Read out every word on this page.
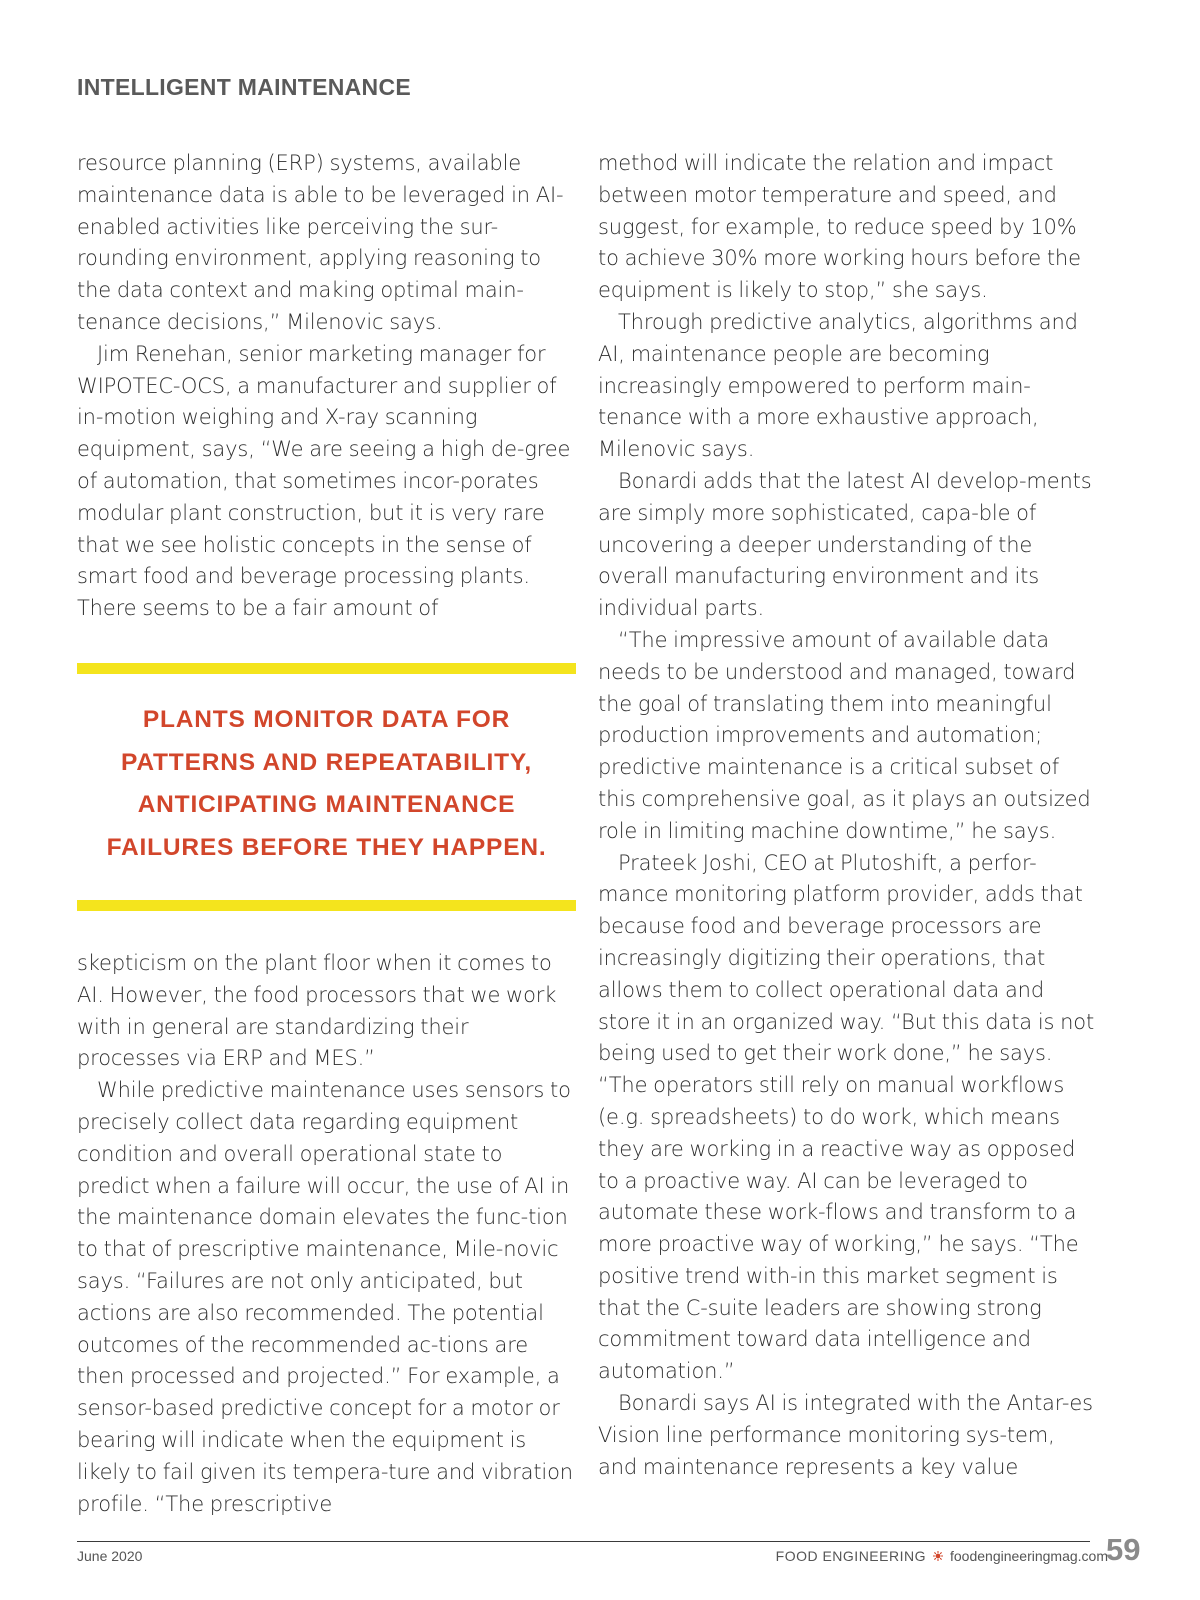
INTELLIGENT MAINTENANCE

resource planning (ERP) systems, available maintenance data is able to be leveraged in AI-enabled activities like perceiving the sur-rounding environment, applying reasoning to the data context and making optimal main-tenance decisions,” Milenovic says.

Jim Renehan, senior marketing manager for WIPOTEC-OCS, a manufacturer and supplier of in-motion weighing and X-ray scanning equipment, says, “We are seeing a high de-gree of automation, that sometimes incor-porates modular plant construction, but it is very rare that we see holistic concepts in the sense of smart food and beverage processing plants. There seems to be a fair amount of

PLANTS MONITOR DATA FOR
PATTERNS AND REPEATABILITY,
ANTICIPATING MAINTENANCE
FAILURES BEFORE THEY HAPPEN.

skepticism on the plant floor when it comes to AI. However, the food processors that we work with in general are standardizing their processes via ERP and MES.”

While predictive maintenance uses sensors to precisely collect data regarding equipment condition and overall operational state to predict when a failure will occur, the use of AI in the maintenance domain elevates the func-tion to that of prescriptive maintenance, Mile-novic says. “Failures are not only anticipated, but actions are also recommended. The potential outcomes of the recommended ac-tions are then processed and projected.” For example, a sensor-based predictive concept for a motor or bearing will indicate when the equipment is likely to fail given its tempera-ture and vibration profile. “The prescriptive

method will indicate the relation and impact between motor temperature and speed, and suggest, for example, to reduce speed by 10% to achieve 30% more working hours before the equipment is likely to stop,” she says.

Through predictive analytics, algorithms and AI, maintenance people are becoming increasingly empowered to perform main-tenance with a more exhaustive approach, Milenovic says.

Bonardi adds that the latest AI develop-ments are simply more sophisticated, capa-ble of uncovering a deeper understanding of the overall manufacturing environment and its individual parts.

“The impressive amount of available data needs to be understood and managed, toward the goal of translating them into meaningful production improvements and automation; predictive maintenance is a critical subset of this comprehensive goal, as it plays an outsized role in limiting machine downtime,” he says.

Prateek Joshi, CEO at Plutoshift, a perfor-mance monitoring platform provider, adds that because food and beverage processors are increasingly digitizing their operations, that allows them to collect operational data and store it in an organized way. “But this data is not being used to get their work done,” he says. “The operators still rely on manual workflows (e.g. spreadsheets) to do work, which means they are working in a reactive way as opposed to a proactive way. AI can be leveraged to automate these work-flows and transform to a more proactive way of working,” he says. “The positive trend with-in this market segment is that the C-suite leaders are showing strong commitment toward data intelligence and automation.”

Bonardi says AI is integrated with the Antar-es Vision line performance monitoring sys-tem, and maintenance represents a key value

June 2020	FOOD ENGINEERING foodengineeringmag.com
59
